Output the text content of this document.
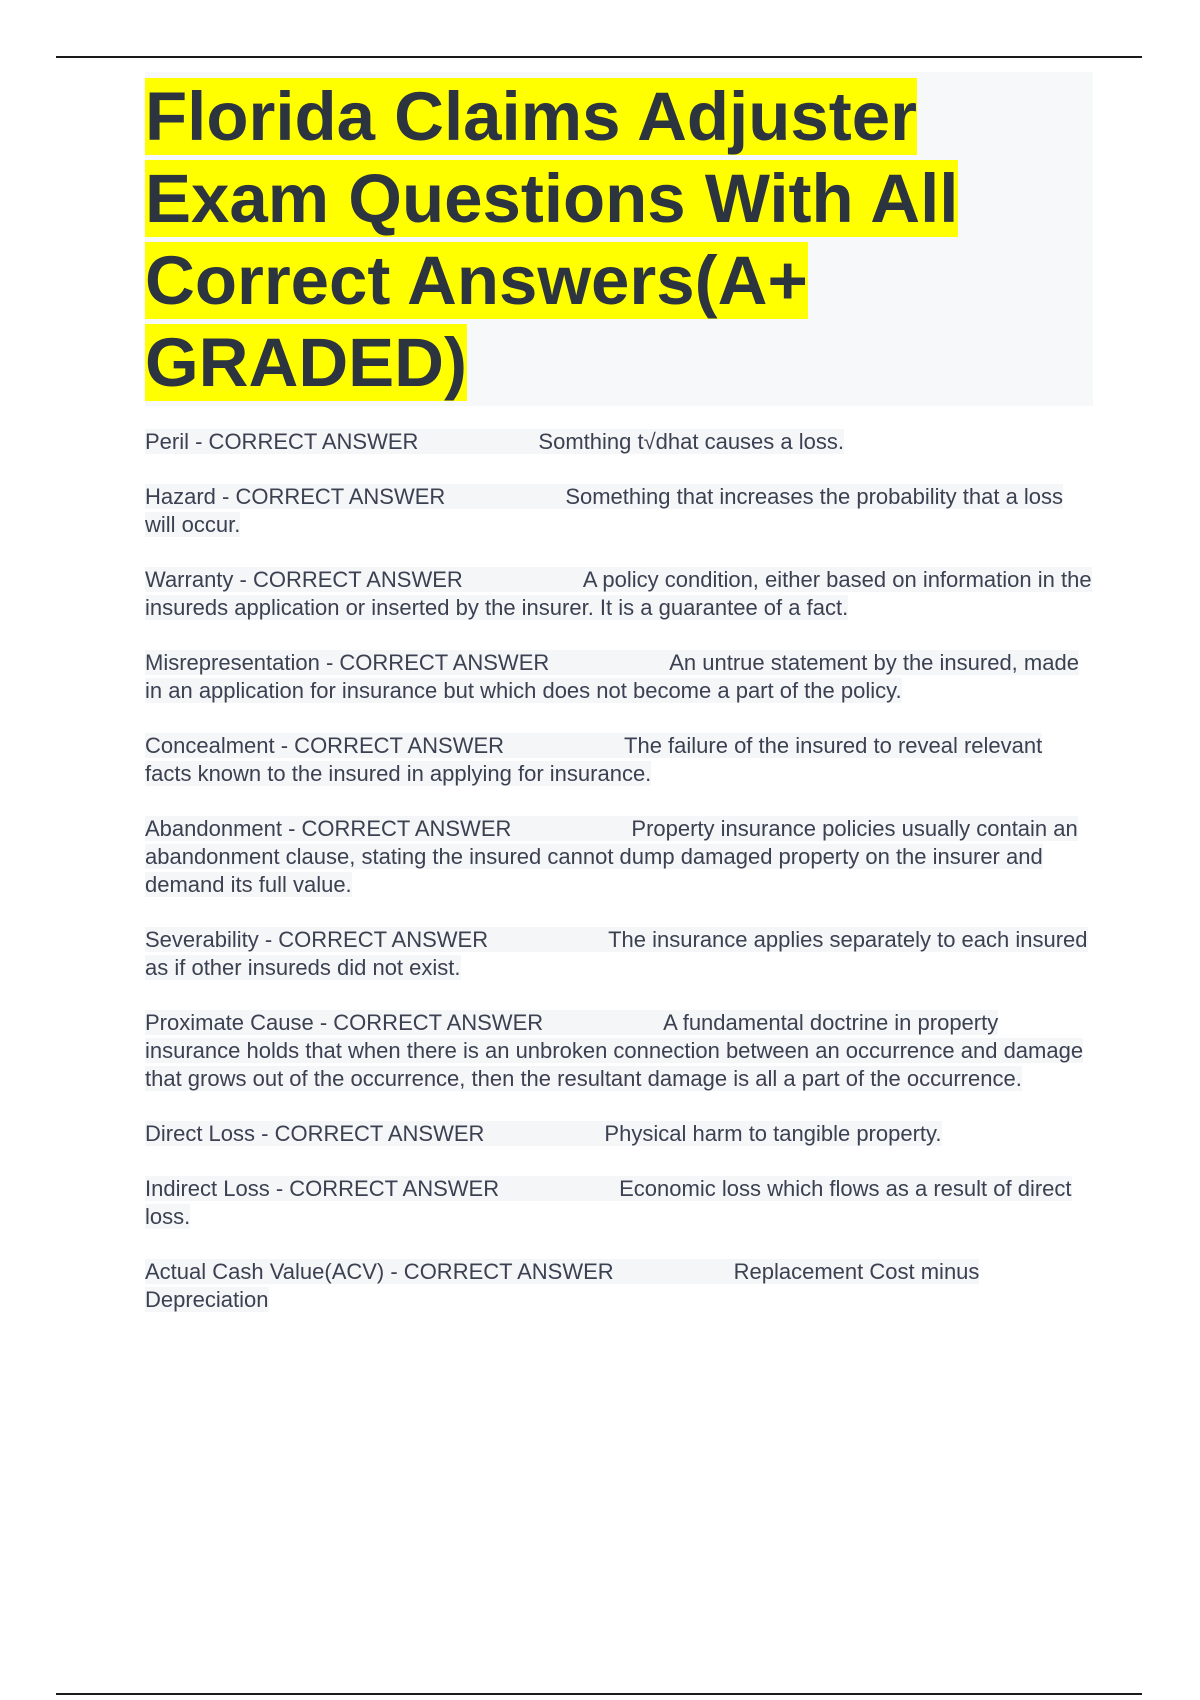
Florida Claims Adjuster Exam Questions With All Correct Answers(A+ GRADED)

Peril - CORRECT ANSWER	Somthing t√dhat causes a loss.

Hazard - CORRECT ANSWER	Something that increases the probability that a loss will occur.

Warranty - CORRECT ANSWER	A policy condition, either based on information in the insureds application or inserted by the insurer. It is a guarantee of a fact.

Misrepresentation - CORRECT ANSWER	An untrue statement by the insured, made in an application for insurance but which does not become a part of the policy.

Concealment - CORRECT ANSWER	The failure of the insured to reveal relevant facts known to the insured in applying for insurance.

Abandonment - CORRECT ANSWER	Property insurance policies usually contain an abandonment clause, stating the insured cannot dump damaged property on the insurer and demand its full value.

Severability - CORRECT ANSWER	The insurance applies separately to each insured as if other insureds did not exist.

Proximate Cause - CORRECT ANSWER	A fundamental doctrine in property insurance holds that when there is an unbroken connection between an occurrence and damage that grows out of the occurrence, then the resultant damage is all a part of the occurrence.

Direct Loss - CORRECT ANSWER	Physical harm to tangible property.

Indirect Loss - CORRECT ANSWER	Economic loss which flows as a result of direct loss.

Actual Cash Value(ACV) - CORRECT ANSWER	Replacement Cost minus Depreciation
